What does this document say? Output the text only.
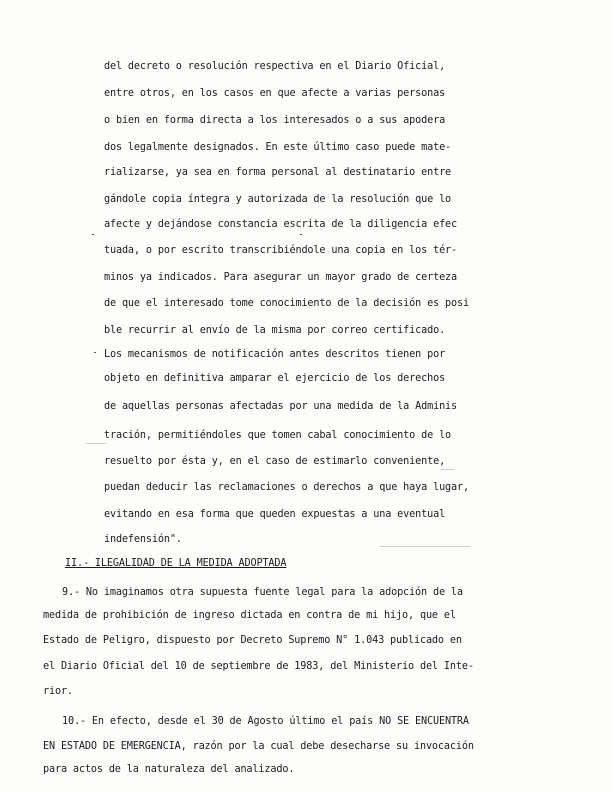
del decreto o resolución respectiva en el Diario Oficial,
entre otros, en los casos en que afecte a varias personas
o bien en forma directa a los interesados o a sus apodera
dos legalmente designados. En este último caso puede mate-
rializarse, ya sea en forma personal al destinatario entre
gándole copia íntegra y autorizada de la resolución que lo
afecte y dejándose constancia escrita de la diligencia efec
tuada, o por escrito transcribiéndole una copia en los tér-
minos ya indicados. Para asegurar un mayor grado de certeza
de que el interesado tome conocimiento de la decisión es posi
ble recurrir al envío de la misma por correo certificado.
Los mecanismos de notificación antes descritos tienen por
objeto en definitiva amparar el ejercicio de los derechos
de aquellas personas afectadas por una medida de la Adminis
tración, permitiéndoles que tomen cabal conocimiento de lo
resuelto por ésta y, en el caso de estimarlo conveniente,
puedan deducir las reclamaciones o derechos a que haya lugar,
evitando en esa forma que queden expuestas a una eventual
indefensión".
II.- ILEGALIDAD DE LA MEDIDA ADOPTADA
9.- No imaginamos otra supuesta fuente legal para la adopción de la
medida de prohibición de ingreso dictada en contra de mi hijo, que el
Estado de Peligro, dispuesto por Decreto Supremo N° 1.043 publicado en
el Diario Oficial del 10 de septiembre de 1983, del Ministerio del Inte-
rior.
10.- En efecto, desde el 30 de Agosto último el país NO SE ENCUENTRA
EN ESTADO DE EMERGENCIA, razón por la cual debe desecharse su invocación
para actos de la naturaleza del analizado.
